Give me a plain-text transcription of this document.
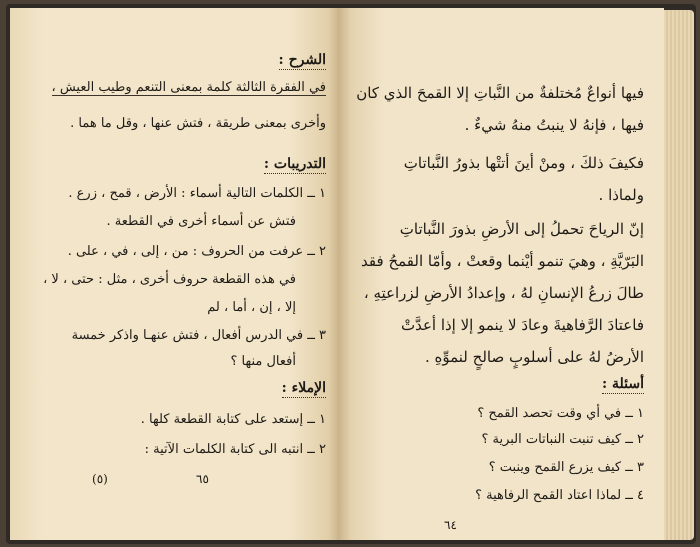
الشرح :
في الفقرة الثالثة كلمة بمعنى التنعم وطيب العيش ،
وأخرى بمعنى طريقة ، فتش عنها ، وقل ما هما .
التدريبات :
١ ــ الكلمات التالية أسماء : الأرض ، قمح ، زرع .
فتش عن أسماء أخرى في القطعة .
٢ ــ عرفت من الحروف : من ، إلى ، في ، على .
في هذه القطعة حروف أخرى ، مثل : حتى ، لا ،
إلا ، إن ، أما ، لم
٣ ــ في الدرس أفعال ، فتش عنهـا واذكر خمسة
أفعال منها ؟
الإملاء :
١ ــ إستعد على كتابة القطعة كلها .
٢ ــ انتبه الى كتابة الكلمات الآتية :
٦٥
(٥)
فيها أنواعٌ مُختلفةٌ من النَّباتِ إلا القمحَ الذي كان
فيها ، فإنهُ لا ينبتُ منهُ شيءٌ .
فكيفَ ذلكَ ، ومنْ أينَ أتتْها بذورُ النَّباتاتِ
ولماذا .
إنّ الرياحَ تحملُ إلى الأرضِ بذورَ النَّباتاتِ
البَرّيَّةِ ، وهيَ تنمو أيْنما وقعتْ ، وأمّا القمحُ فقد
طالَ زرعُ الإنسانِ لهُ ، وإعدادُ الأرضِ لزراعتِهِ ،
فاعتادَ الرَّفاهيةَ وعادَ لا ينمو إلا إذا أعدَّتْ
الأرضُ لهُ على أسلوبٍ صالحٍ لنموِّهِ .
أسئلة :
١ ــ في أي وقت تحصد القمح ؟
٢ ــ كيف تنبت النباتات البرية ؟
٣ ــ كيف يزرع القمح وينبت ؟
٤ ــ لماذا اعتاد القمح الرفاهية ؟
٦٤
